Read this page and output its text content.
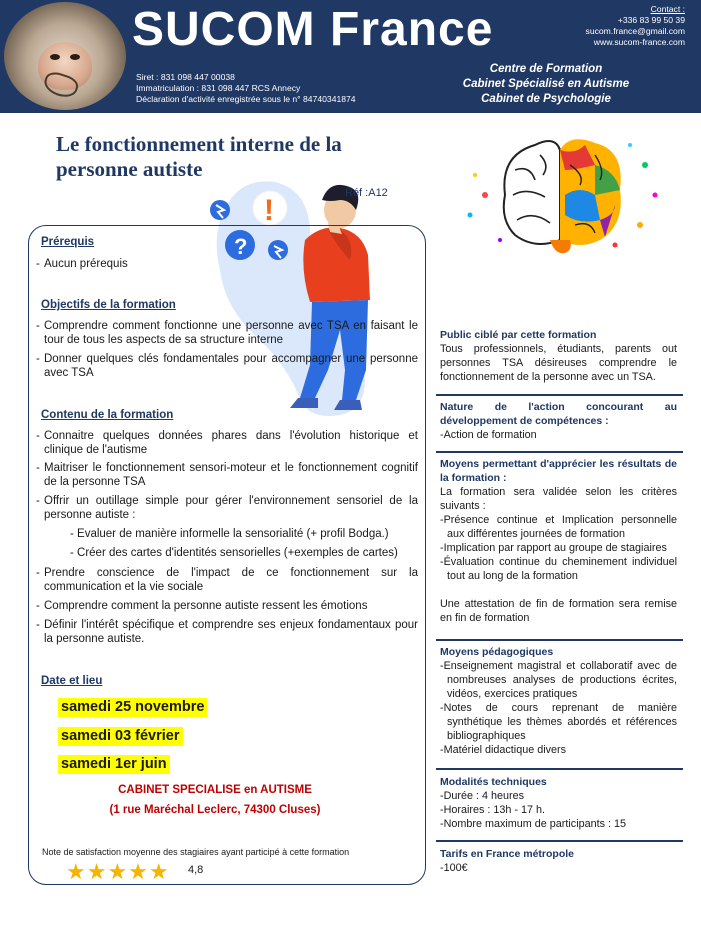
SUCOM France
Siret : 831 098 447 00038
Immatriculation : 831 098 447 RCS Annecy
Déclaration d'activité enregistrée sous le n° 84740341874
Contact :
+336 83 99 50 39
sucom.france@gmail.com
www.sucom-france.com
Centre de Formation
Cabinet Spécialisé en Autisme
Cabinet de Psychologie
Le fonctionnement interne de la
personne autiste
?
!
Réf :A12
Prérequis
- Aucun prérequis
Objectifs de la formation
- Comprendre comment fonctionne une personne avec TSA en faisant le tour de tous les aspects de sa structure interne
- Donner quelques clés fondamentales pour accompagner une personne avec TSA
Contenu de la formation
- Connaitre quelques données phares dans l'évolution historique et clinique de l'autisme
- Maitriser le fonctionnement sensori-moteur et le fonctionnement cognitif de la personne TSA
- Offrir un outillage simple pour gérer l'environnement sensoriel de la personne autiste :
- Evaluer de manière informelle la sensorialité (+ profil Bodga.)
- Créer des cartes d'identités sensorielles (+exemples de cartes)
- Prendre conscience de l'impact de ce fonctionnement sur la communication et la vie sociale
- Comprendre comment la personne autiste ressent les émotions
- Définir l'intérêt spécifique et comprendre ses enjeux fondamentaux pour la personne autiste.
Date et lieu
samedi 25 novembre
samedi 03 février
samedi 1er juin
CABINET SPECIALISE en AUTISME
(1 rue Maréchal Leclerc, 74300 Cluses)
Note de satisfaction moyenne des stagiaires ayant participé à cette formation
★★★★★ 4,8
Public ciblé par cette formation
Tous professionnels, étudiants, parents out personnes TSA désireuses comprendre le fonctionnement de la personne avec un TSA.
Nature de l'action concourant au développement de compétences :
-Action de formation
Moyens permettant d'apprécier les résultats de la formation :
La formation sera validée selon les critères suivants :
-Présence continue et Implication personnelle aux différentes journées de formation
-Implication par rapport au groupe de stagiaires
-Évaluation continue du cheminement individuel tout au long de la formation
Une attestation de fin de formation sera remise en fin de formation
Moyens pédagogiques
-Enseignement magistral et collaboratif avec de nombreuses analyses de productions écrites, vidéos, exercices pratiques
-Notes de cours reprenant de manière synthétique les thèmes abordés et références bibliographiques
-Matériel didactique divers
Modalités techniques
-Durée : 4 heures
-Horaires : 13h - 17 h.
-Nombre maximum de participants : 15
Tarifs en France métropole
-100€
